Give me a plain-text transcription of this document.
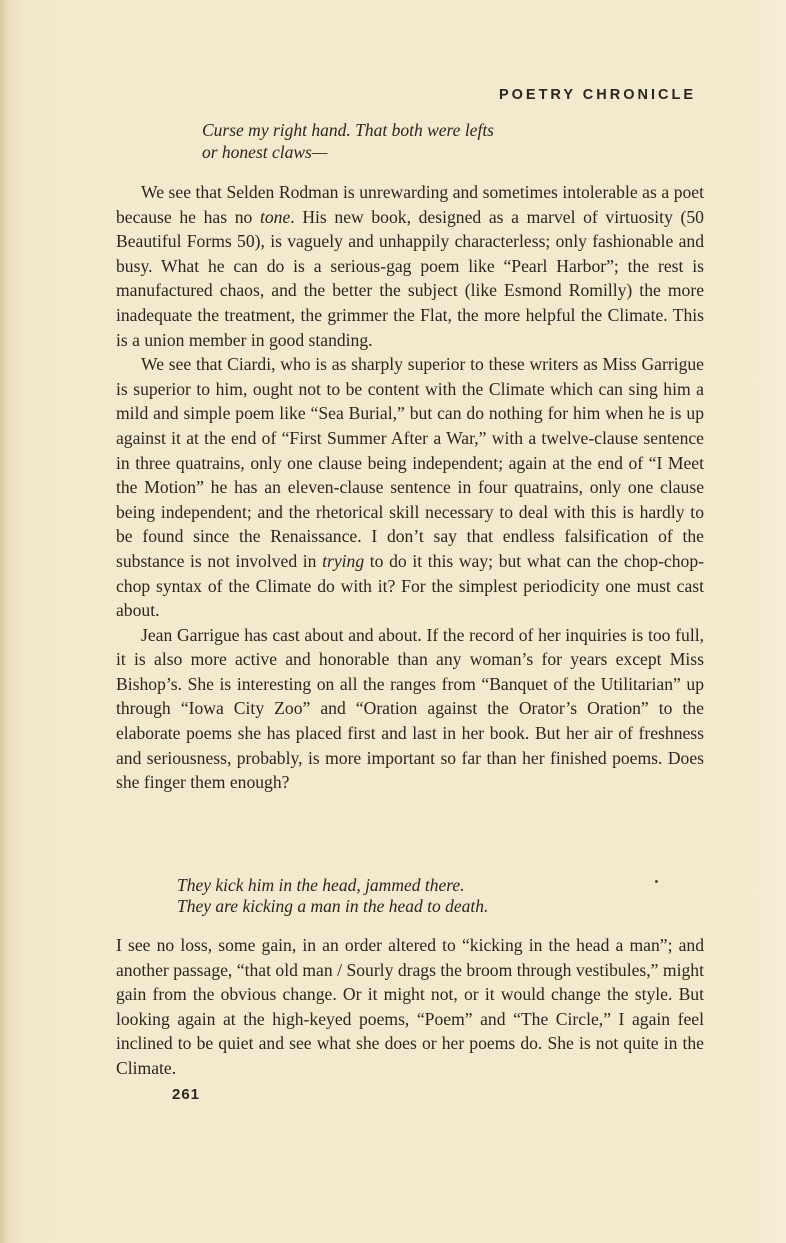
POETRY CHRONICLE
Curse my right hand. That both were lefts
or honest claws—

We see that Selden Rodman is unrewarding and sometimes intolerable as a poet because he has no tone. His new book, designed as a marvel of virtuosity (50 Beautiful Forms 50), is vaguely and unhappily characterless; only fashionable and busy. What he can do is a serious-gag poem like “Pearl Harbor”; the rest is manufactured chaos, and the better the subject (like Esmond Romilly) the more inadequate the treatment, the grimmer the Flat, the more helpful the Climate. This is a union member in good standing.

We see that Ciardi, who is as sharply superior to these writers as Miss Garrigue is superior to him, ought not to be content with the Climate which can sing him a mild and simple poem like “Sea Burial,” but can do nothing for him when he is up against it at the end of “First Summer After a War,” with a twelve-clause sentence in three quatrains, only one clause being independent; again at the end of “I Meet the Motion” he has an eleven-clause sentence in four quatrains, only one clause being independent; and the rhetorical skill necessary to deal with this is hardly to be found since the Renaissance. I don’t say that endless falsification of the substance is not involved in trying to do it this way; but what can the chop-chop-chop syntax of the Climate do with it? For the simplest periodicity one must cast about.

Jean Garrigue has cast about and about. If the record of her inquiries is too full, it is also more active and honorable than any woman’s for years except Miss Bishop’s. She is interesting on all the ranges from “Banquet of the Utilitarian” up through “Iowa City Zoo” and “Oration against the Orator’s Oration” to the elaborate poems she has placed first and last in her book. But her air of freshness and seriousness, probably, is more important so far than her finished poems. Does she finger them enough?

They kick him in the head, jammed there.
They are kicking a man in the head to death.

I see no loss, some gain, in an order altered to “kicking in the head a man”; and another passage, “that old man / Sourly drags the broom through vestibules,” might gain from the obvious change. Or it might not, or it would change the style. But looking again at the high-keyed poems, “Poem” and “The Circle,” I again feel inclined to be quiet and see what she does or her poems do. She is not quite in the Climate.

261
